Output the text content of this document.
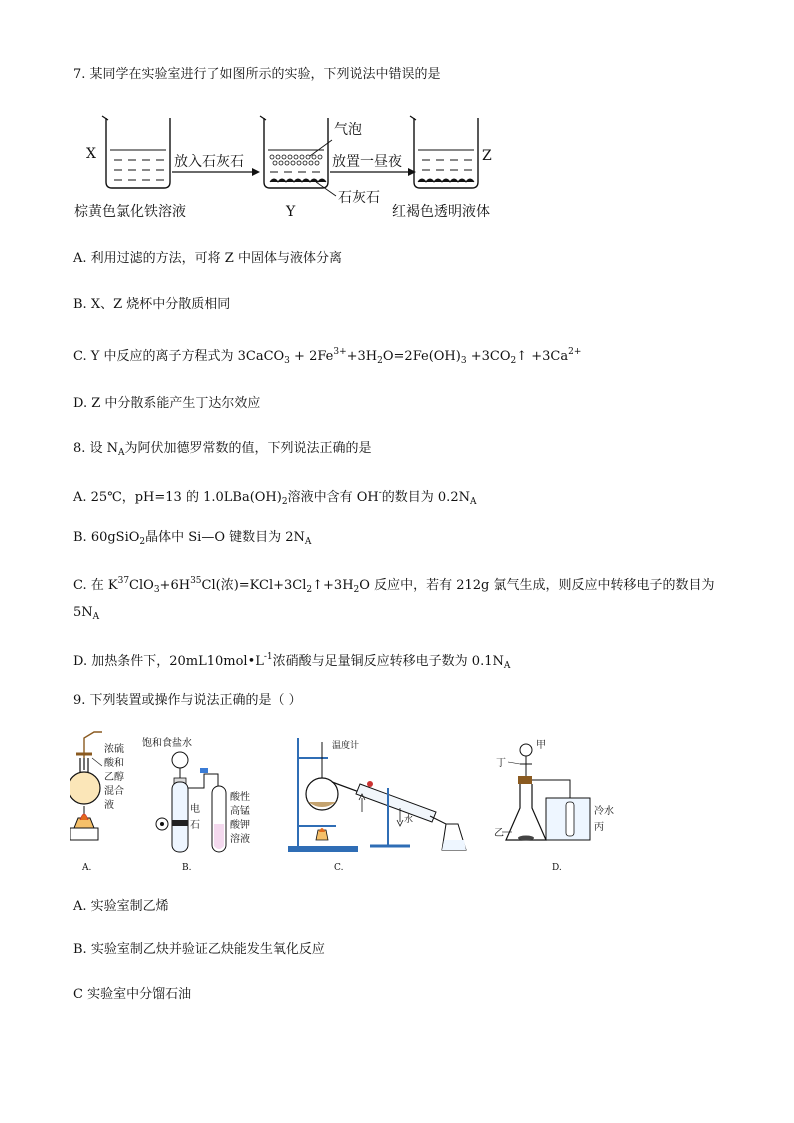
7. 某同学在实验室进行了如图所示的实验，下列说法中错误的是
X	放入石灰石
气泡
石灰石
Y
放置一昼夜	Z
棕黄色氯化铁溶液	红褐色透明液体
A. 利用过滤的方法，可将 Z 中固体与液体分离
B. X、Z 烧杯中分散质相同
C. Y 中反应的离子方程式为 3CaCO$_3$ + $2Fe^{3+}+3H_2O=2Fe(OH)_3$ $+3CO_2↑ +3Ca^{2+}$
D. Z 中分散系能产生丁达尔效应
8. 设 $N_A$为阿伏加德罗常数的值，下列说法正确的是
A. 25℃，pH=13 的 $1.0LBa(OH)_2$溶液中含有 OH-的数目为 $0.2N_A$
B. 60gSiO$_2$晶体中 Si—O 键数目为 $2N_A$
C. 在 $K^{37}ClO_3+6H^{35}Cl$(浓)$=KCl+3Cl_2↑+3H_2O$ 反应中，若有 212g 氯气生成，则反应中转移电子的数目为
$5N_A$
D. 加热条件下，$20mL10mol•L^{-1}$浓硝酸与足量铜反应转移电子数为 $0.1N_A$
9. 下列装置或操作与说法正确的是（ ）
浓硫
酸和
乙醇
混合
液
A.
饱和食盐水
电
石
酸性
高锰
酸钾
溶液
B.
温度计
水
C.
甲
丁
乙
冷水
丙
D.
A. 实验室制乙烯
B. 实验室制乙炔并验证乙炔能发生氧化反应
C 实验室中分馏石油
